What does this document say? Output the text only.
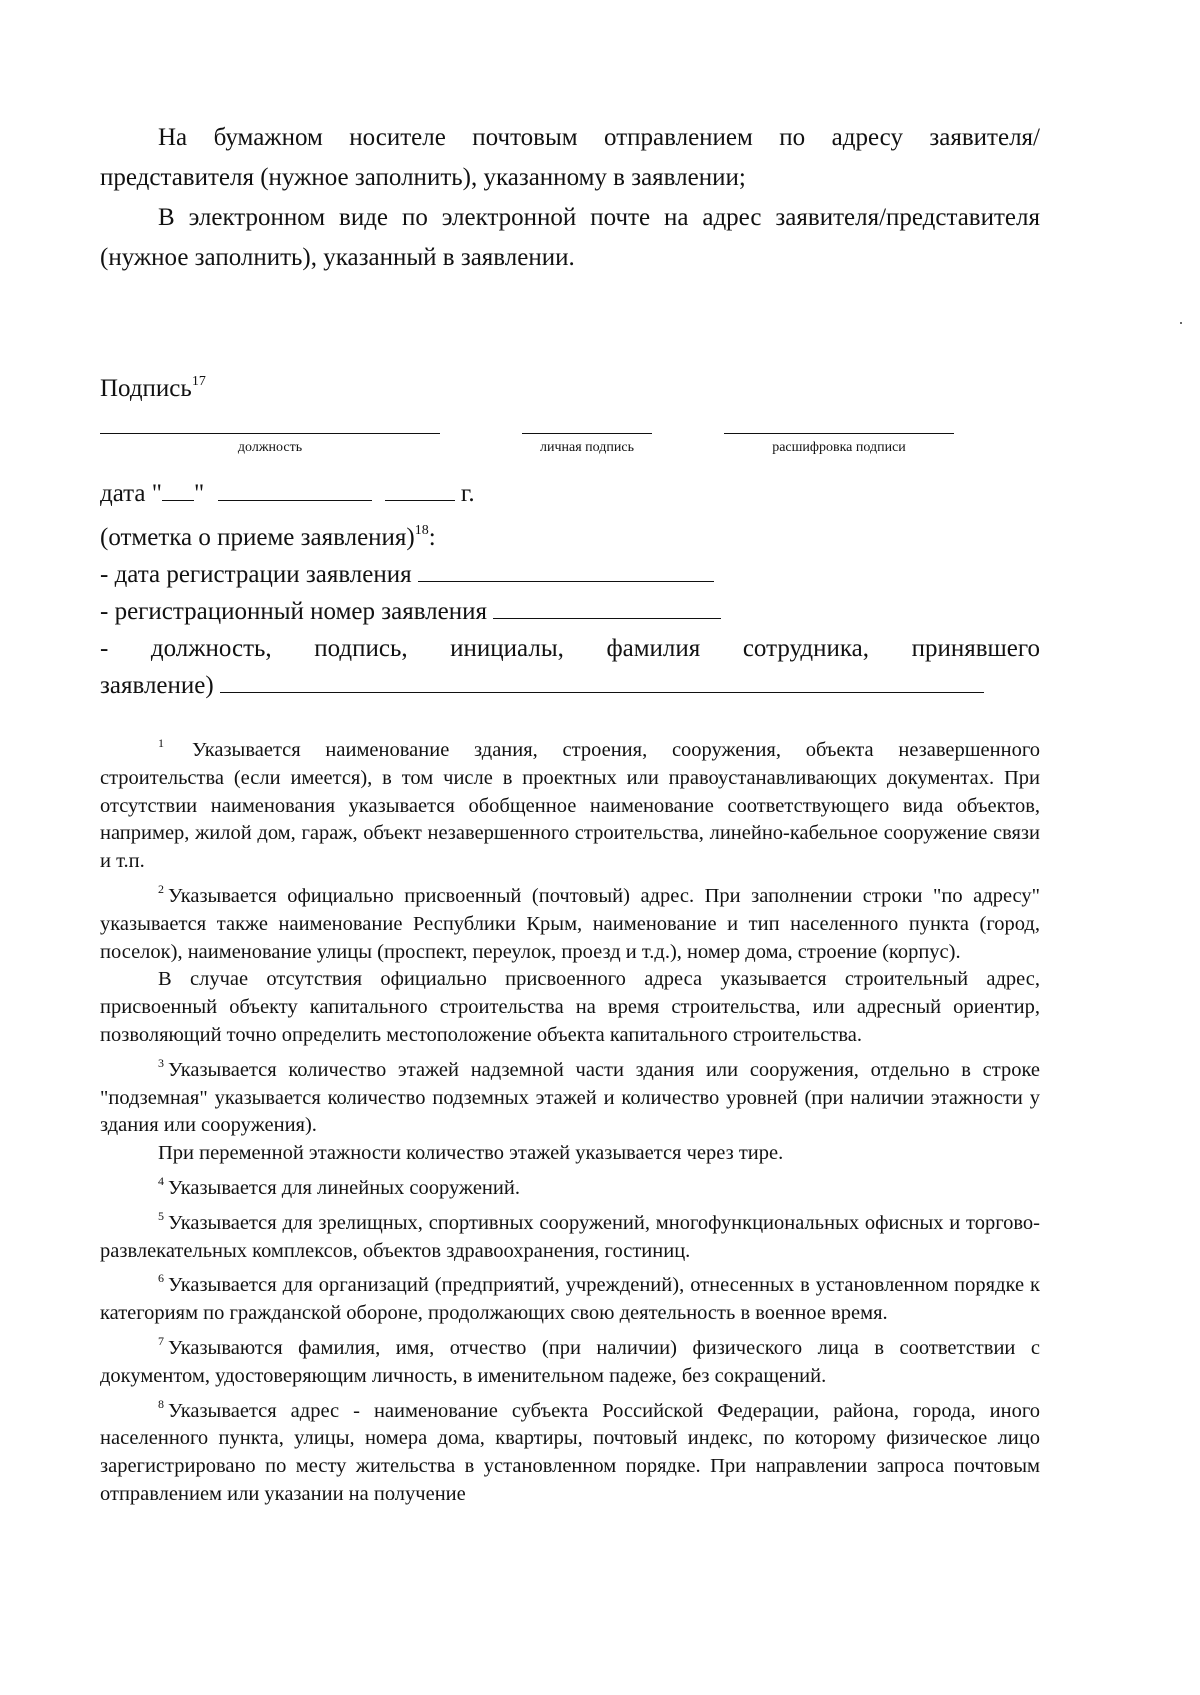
На бумажном носителе почтовым отправлением по адресу заявителя/представителя (нужное заполнить), указанному в заявлении;

В электронном виде по электронной почте на адрес заявителя/представителя (нужное заполнить), указанный в заявлении.

Подпись$^{17}$

должность	личная подпись	расшифровка подписи

дата " "	г.

(отметка о приеме заявления)$^{18}$:

- дата регистрации заявления

- регистрационный номер заявления

- должность, подпись, инициалы, фамилия сотрудника, принявшего

заявление)

$^1$ Указывается наименование здания, строения, сооружения, объекта незавершенного строительства (если имеется), в том числе в проектных или правоустанавливающих документах. При отсутствии наименования указывается обобщенное наименование соответствующего вида объектов, например, жилой дом, гараж, объект незавершенного строительства, линейно-кабельное сооружение связи и т.п.

$^2$ Указывается официально присвоенный (почтовый) адрес. При заполнении строки "по адресу" указывается также наименование Республики Крым, наименование и тип населенного пункта (город, поселок), наименование улицы (проспект, переулок, проезд и т.д.), номер дома, строение (корпус).

В случае отсутствия официально присвоенного адреса указывается строительный адрес, присвоенный объекту капитального строительства на время строительства, или адресный ориентир, позволяющий точно определить местоположение объекта капитального строительства.

$^3$ Указывается количество этажей надземной части здания или сооружения, отдельно в строке "подземная" указывается количество подземных этажей и количество уровней (при наличии этажности у здания или сооружения).

При переменной этажности количество этажей указывается через тире.

$^4$ Указывается для линейных сооружений.

$^5$ Указывается для зрелищных, спортивных сооружений, многофункциональных офисных и торгово-развлекательных комплексов, объектов здравоохранения, гостиниц.

$^6$ Указывается для организаций (предприятий, учреждений), отнесенных в установленном порядке к категориям по гражданской обороне, продолжающих свою деятельность в военное время.

$^7$ Указываются фамилия, имя, отчество (при наличии) физического лица в соответствии с документом, удостоверяющим личность, в именительном падеже, без сокращений.

$^8$ Указывается адрес - наименование субъекта Российской Федерации, района, города, иного населенного пункта, улицы, номера дома, квартиры, почтовый индекс, по которому физическое лицо зарегистрировано по месту жительства в установленном порядке. При направлении запроса почтовым отправлением или указании на получение
